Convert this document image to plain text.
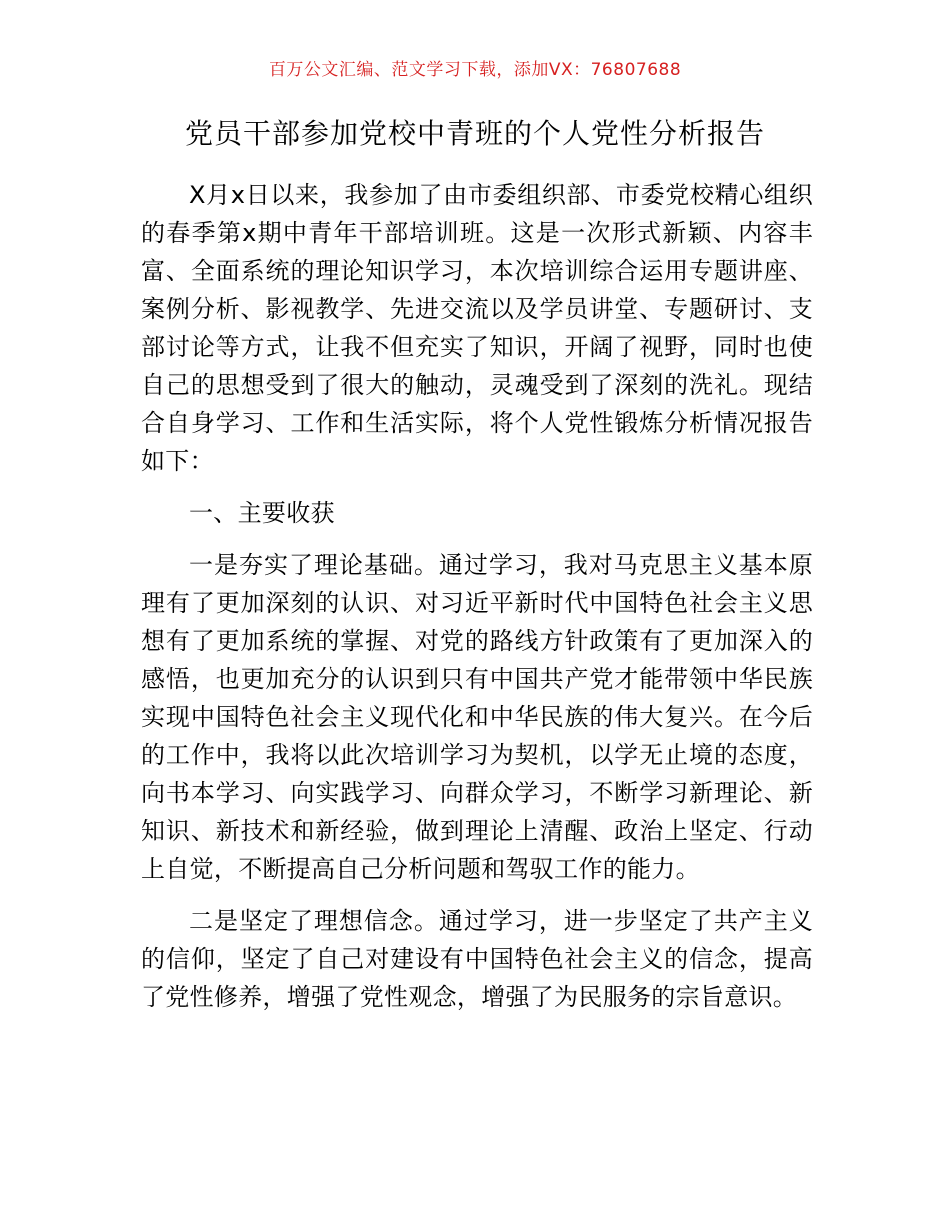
百万公文汇编、范文学习下载，添加VX：76807688
党员干部参加党校中青班的个人党性分析报告

X月x日以来，我参加了由市委组织部、市委党校精心组织的春季第x期中青年干部培训班。这是一次形式新颖、内容丰富、全面系统的理论知识学习，本次培训综合运用专题讲座、案例分析、影视教学、先进交流以及学员讲堂、专题研讨、支部讨论等方式，让我不但充实了知识，开阔了视野，同时也使自己的思想受到了很大的触动，灵魂受到了深刻的洗礼。现结合自身学习、工作和生活实际，将个人党性锻炼分析情况报告如下：

一、主要收获

一是夯实了理论基础。通过学习，我对马克思主义基本原理有了更加深刻的认识、对习近平新时代中国特色社会主义思想有了更加系统的掌握、对党的路线方针政策有了更加深入的感悟，也更加充分的认识到只有中国共产党才能带领中华民族实现中国特色社会主义现代化和中华民族的伟大复兴。在今后的工作中，我将以此次培训学习为契机，以学无止境的态度，向书本学习、向实践学习、向群众学习，不断学习新理论、新知识、新技术和新经验，做到理论上清醒、政治上坚定、行动上自觉，不断提高自己分析问题和驾驭工作的能力。

二是坚定了理想信念。通过学习，进一步坚定了共产主义的信仰，坚定了自己对建设有中国特色社会主义的信念，提高了党性修养，增强了党性观念，增强了为民服务的宗旨意识。
